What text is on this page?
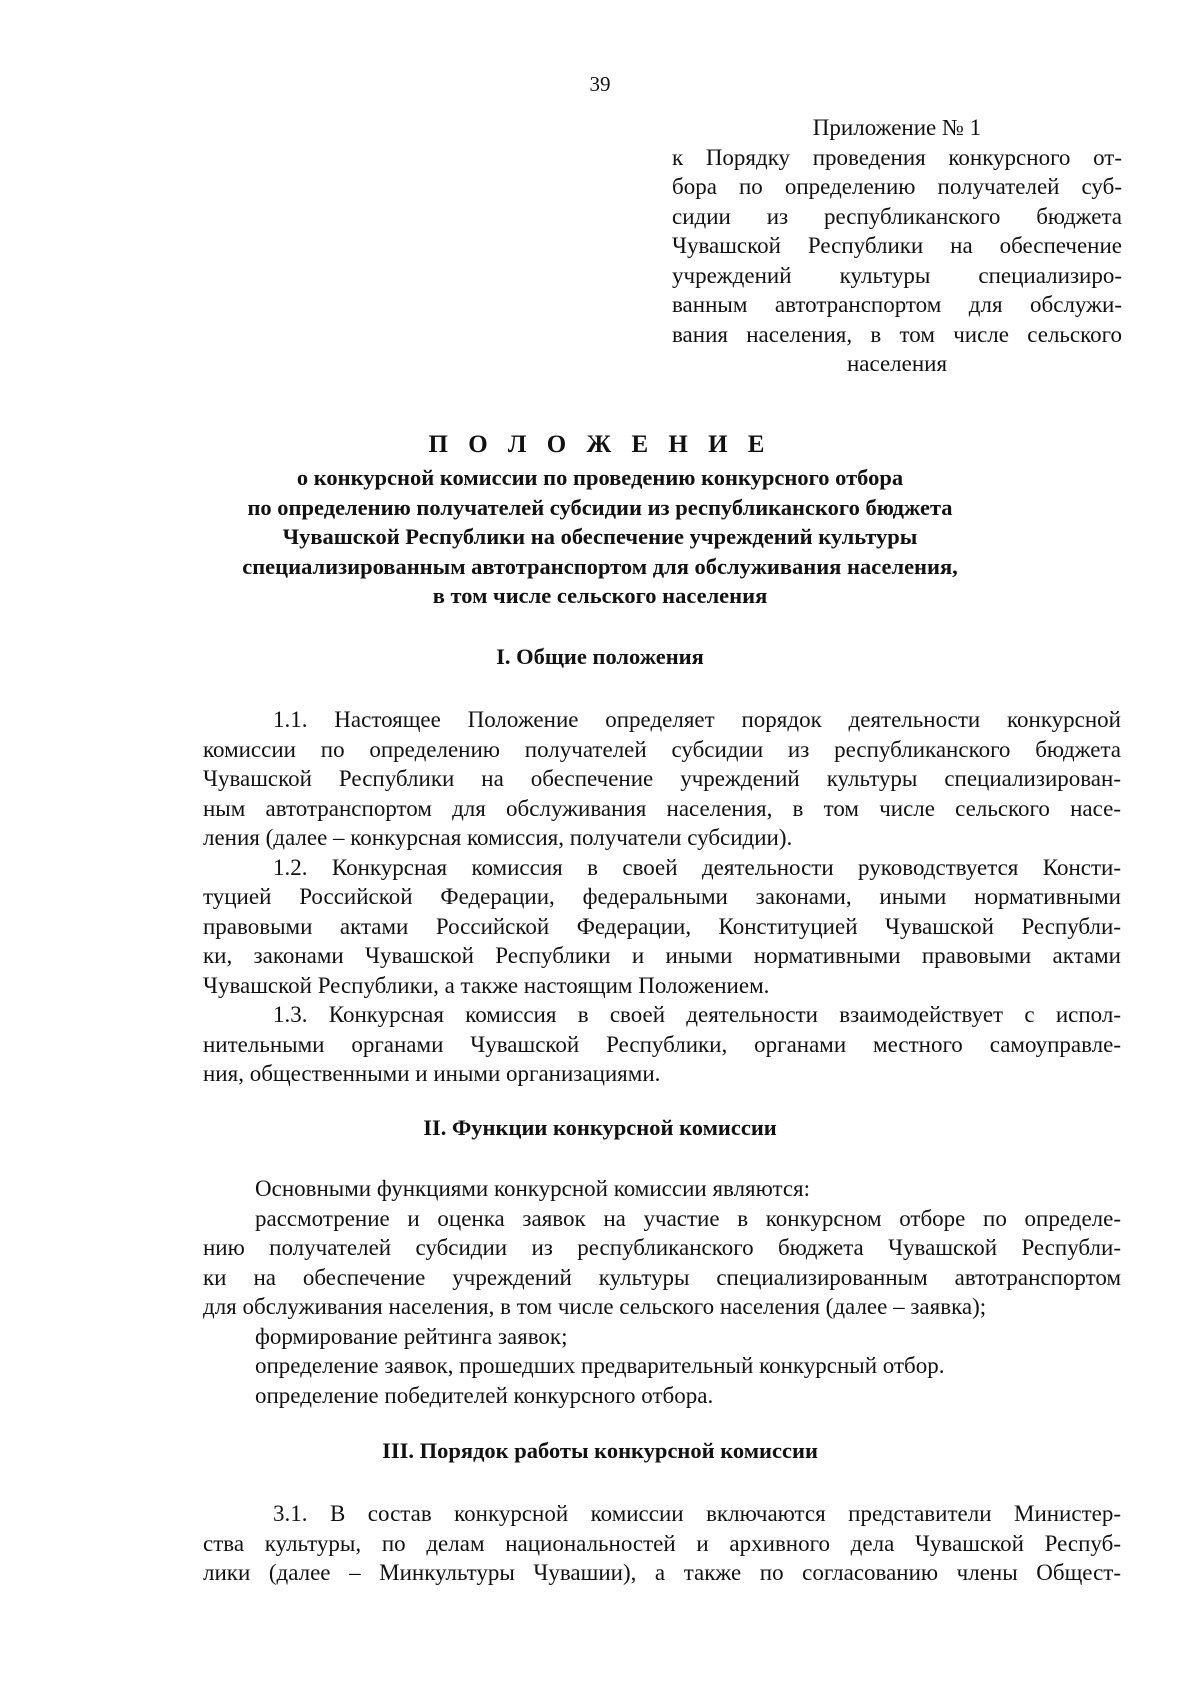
39
Приложение № 1
к Порядку проведения конкурсного от-
бора по определению получателей суб-
сидии из республиканского бюджета
Чувашской Республики на обеспечение
учреждений культуры специализиро-
ванным автотранспортом для обслужи-
вания населения, в том числе сельского
населения
П О Л О Ж Е Н И Е
о конкурсной комиссии по проведению конкурсного отбора
по определению получателей субсидии из республиканского бюджета
Чувашской Республики на обеспечение учреждений культуры
специализированным автотранспортом для обслуживания населения,
в том числе сельского населения
I. Общие положения
1.1. Настоящее Положение определяет порядок деятельности конкурсной
комиссии по определению получателей субсидии из республиканского бюджета
Чувашской Республики на обеспечение учреждений культуры специализирован-
ным автотранспортом для обслуживания населения, в том числе сельского насе-
ления (далее – конкурсная комиссия, получатели субсидии).
1.2. Конкурсная комиссия в своей деятельности руководствуется Консти-
туцией Российской Федерации, федеральными законами, иными нормативными
правовыми актами Российской Федерации, Конституцией Чувашской Республи-
ки, законами Чувашской Республики и иными нормативными правовыми актами
Чувашской Республики, а также настоящим Положением.
1.3. Конкурсная комиссия в своей деятельности взаимодействует с испол-
нительными органами Чувашской Республики, органами местного самоуправле-
ния, общественными и иными организациями.
II. Функции конкурсной комиссии
Основными функциями конкурсной комиссии являются:
рассмотрение и оценка заявок на участие в конкурсном отборе по определе-
нию получателей субсидии из республиканского бюджета Чувашской Республи-
ки на обеспечение учреждений культуры специализированным автотранспортом
для обслуживания населения, в том числе сельского населения (далее – заявка);
формирование рейтинга заявок;
определение заявок, прошедших предварительный конкурсный отбор.
определение победителей конкурсного отбора.
III. Порядок работы конкурсной комиссии
3.1. В состав конкурсной комиссии включаются представители Министер-
ства культуры, по делам национальностей и архивного дела Чувашской Респуб-
лики (далее – Минкультуры Чувашии), а также по согласованию члены Общест-
